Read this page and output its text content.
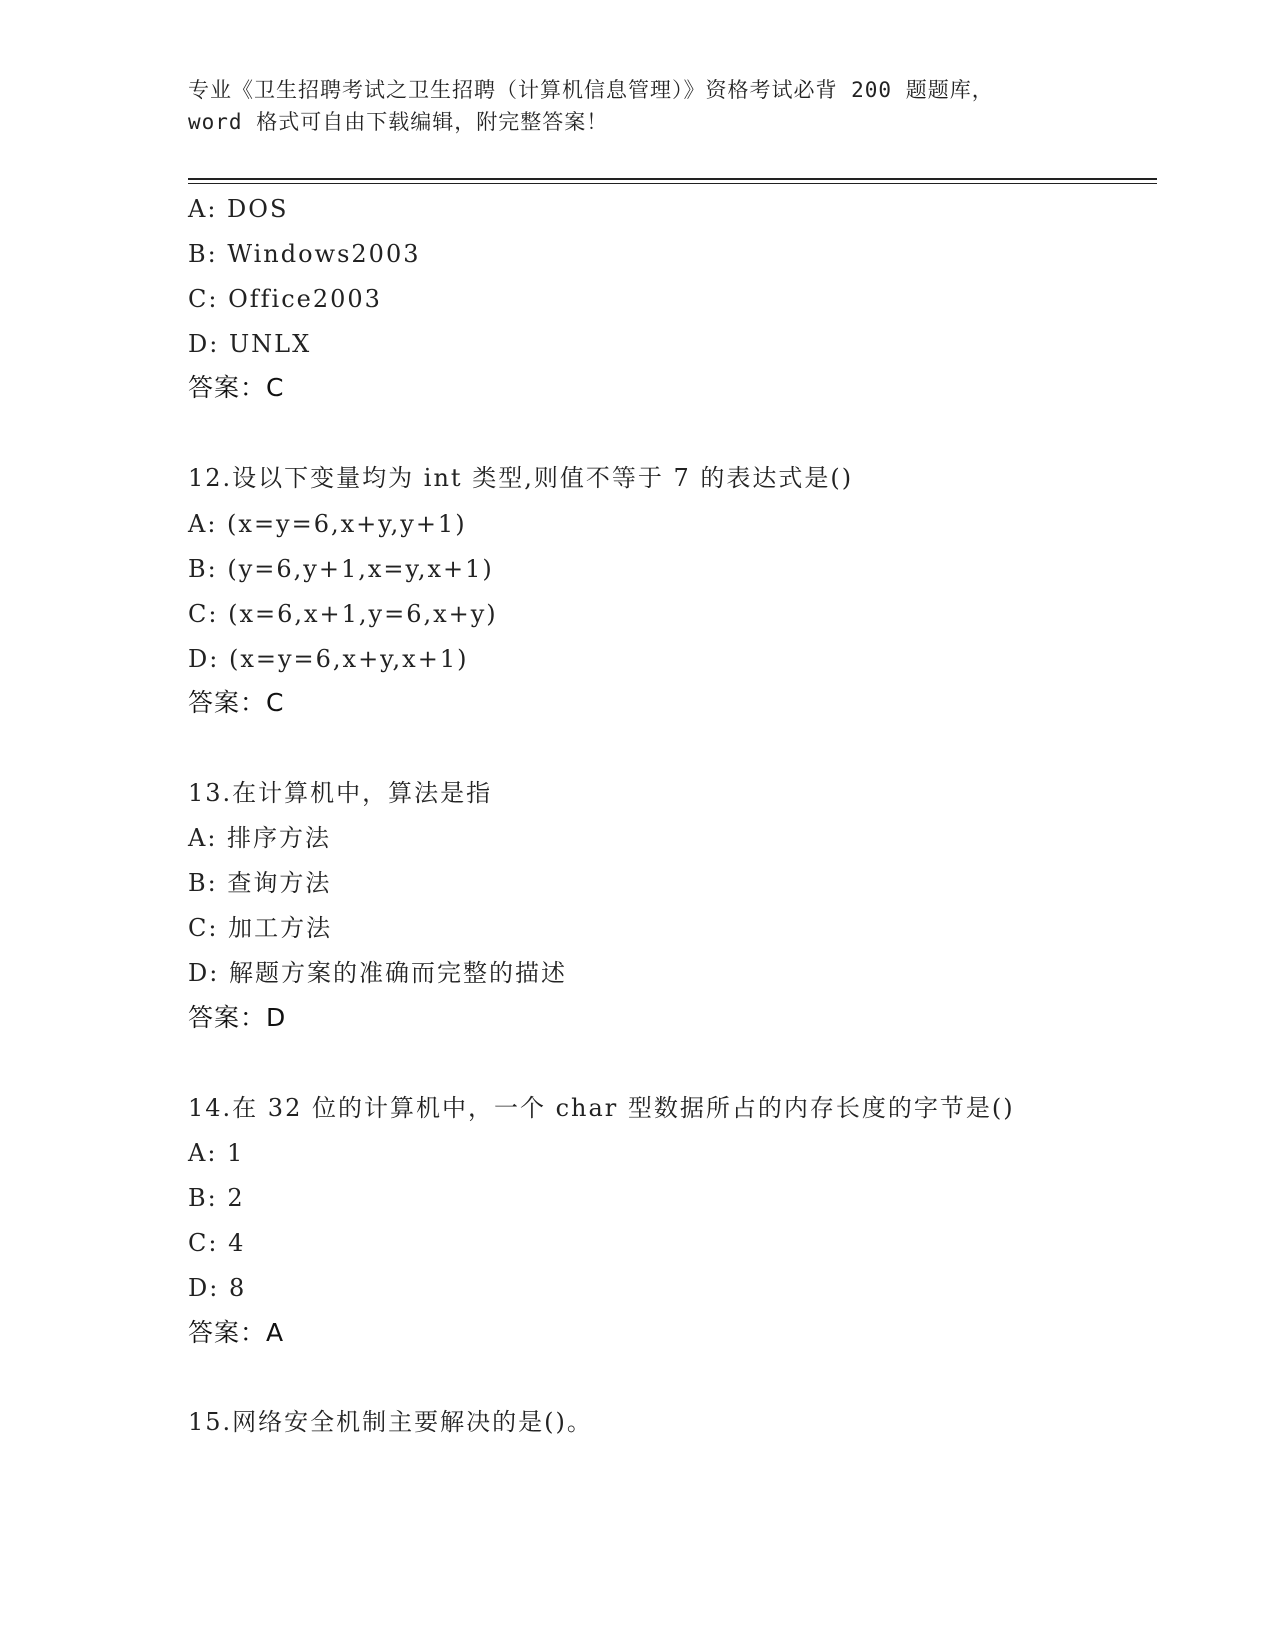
专业《卫生招聘考试之卫生招聘（计算机信息管理）》资格考试必背 200 题题库，
word 格式可自由下载编辑，附完整答案！
A: DOS
B: Windows2003
C: Office2003
D: UNLX
答案：C
12.设以下变量均为 int 类型,则值不等于 7 的表达式是()
A: (x=y=6,x+y,y+1)
B: (y=6,y+1,x=y,x+1)
C: (x=6,x+1,y=6,x+y)
D: (x=y=6,x+y,x+1)
答案：C
13.在计算机中，算法是指
A: 排序方法
B: 查询方法
C: 加工方法
D: 解题方案的准确而完整的描述
答案：D
14.在 32 位的计算机中，一个 char 型数据所占的内存长度的字节是()
A: 1
B: 2
C: 4
D: 8
答案：A
15.网络安全机制主要解决的是()。
